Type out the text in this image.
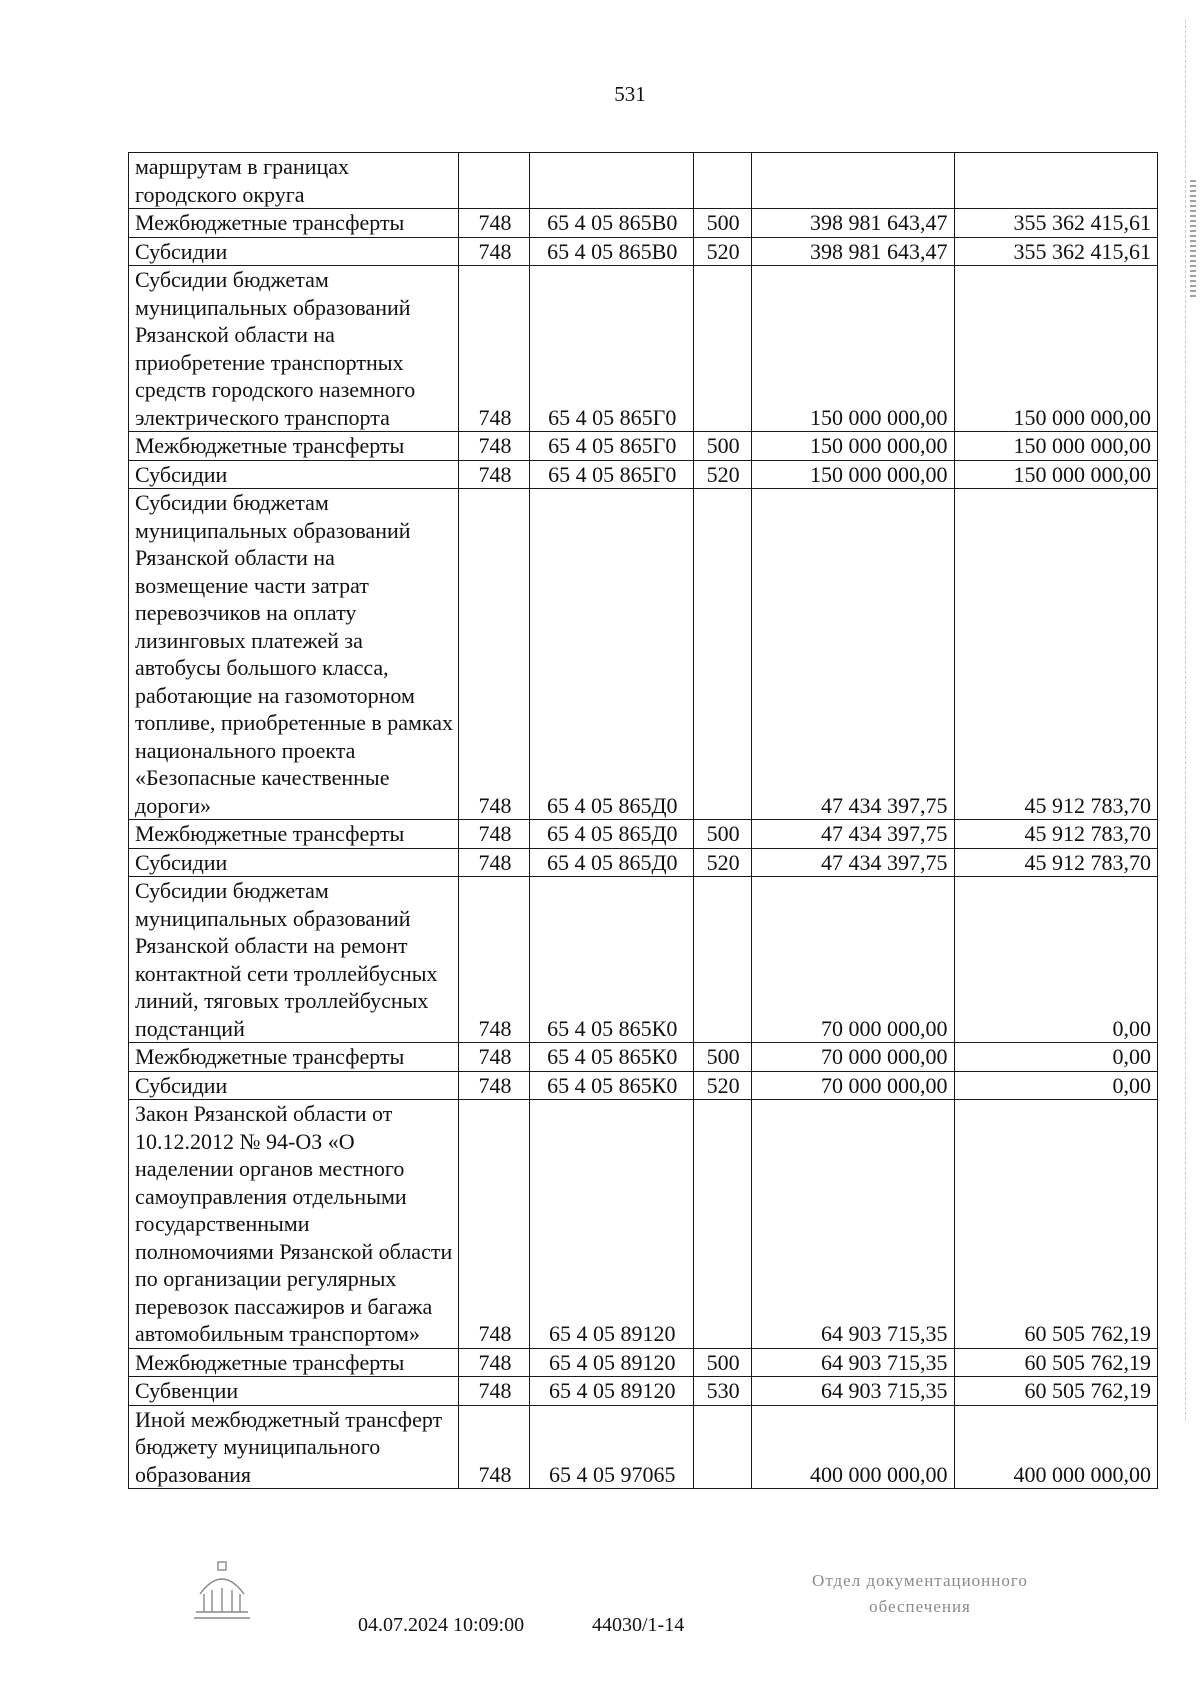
531
маршрутам в границах городского округа					
Межбюджетные трансферты	748	65 4 05 865В0	500	398 981 643,47	355 362 415,61
Субсидии	748	65 4 05 865В0	520	398 981 643,47	355 362 415,61
Субсидии бюджетам муниципальных образований Рязанской области на приобретение транспортных средств городского наземного электрического транспорта	748	65 4 05 865Г0		150 000 000,00	150 000 000,00
Межбюджетные трансферты	748	65 4 05 865Г0	500	150 000 000,00	150 000 000,00
Субсидии	748	65 4 05 865Г0	520	150 000 000,00	150 000 000,00
Субсидии бюджетам муниципальных образований Рязанской области на возмещение части затрат перевозчиков на оплату лизинговых платежей за автобусы большого класса, работающие на газомоторном топливе, приобретенные в рамках национального проекта «Безопасные качественные дороги»	748	65 4 05 865Д0		47 434 397,75	45 912 783,70
Межбюджетные трансферты	748	65 4 05 865Д0	500	47 434 397,75	45 912 783,70
Субсидии	748	65 4 05 865Д0	520	47 434 397,75	45 912 783,70
Субсидии бюджетам муниципальных образований Рязанской области на ремонт контактной сети троллейбусных линий, тяговых троллейбусных подстанций	748	65 4 05 865К0		70 000 000,00	0,00
Межбюджетные трансферты	748	65 4 05 865К0	500	70 000 000,00	0,00
Субсидии	748	65 4 05 865К0	520	70 000 000,00	0,00
Закон Рязанской области от 10.12.2012 № 94-ОЗ «О наделении органов местного самоуправления отдельными государственными полномочиями Рязанской области по организации регулярных перевозок пассажиров и багажа автомобильным транспортом»	748	65 4 05 89120		64 903 715,35	60 505 762,19
Межбюджетные трансферты	748	65 4 05 89120	500	64 903 715,35	60 505 762,19
Субвенции	748	65 4 05 89120	530	64 903 715,35	60 505 762,19
Иной межбюджетный трансферт бюджету муниципального образования	748	65 4 05 97065		400 000 000,00	400 000 000,00
04.07.2024 10:09:00	44030/1-14
Отдел документационного
обеспечения
